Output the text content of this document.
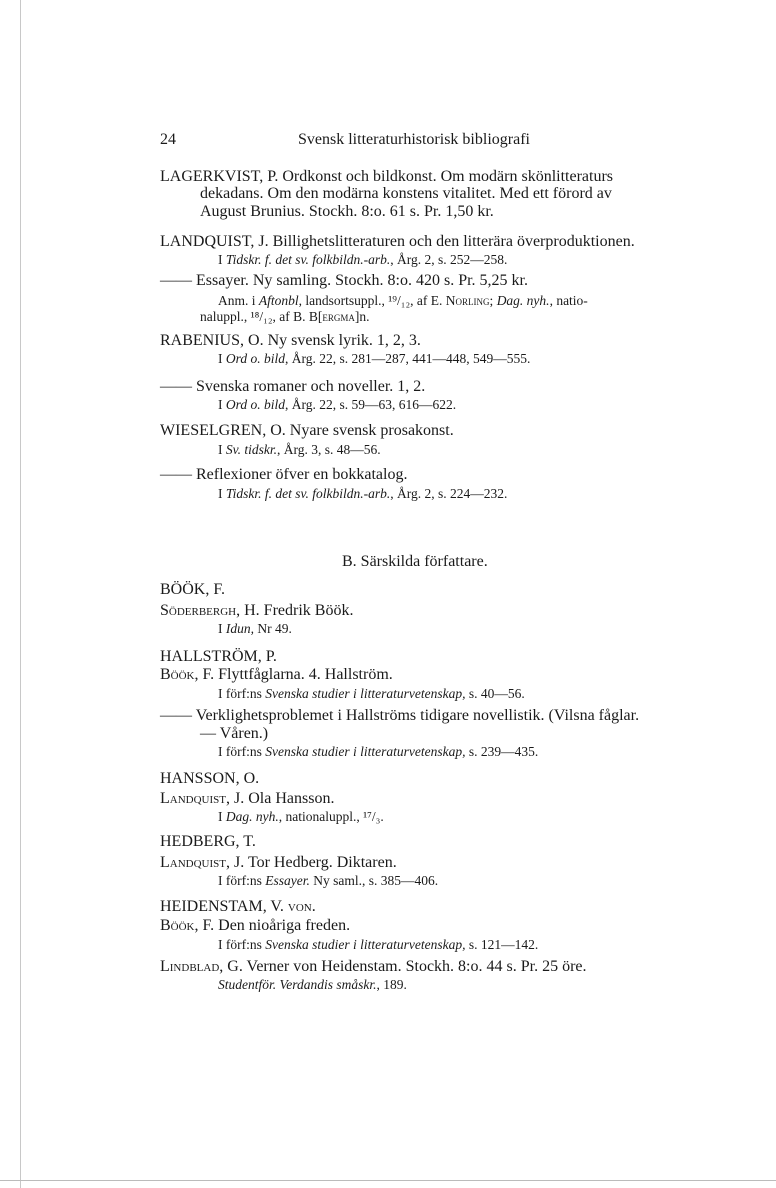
24	Svensk litteraturhistorisk bibliografi
LAGERKVIST, P. Ordkonst och bildkonst. Om modärn skönlitteraturs
dekadans. Om den modärna konstens vitalitet. Med ett förord av
August Brunius. Stockh. 8:o. 61 s. Pr. 1,50 kr.
LANDQUIST, J. Billighetslitteraturen och den litterära överproduktionen.
I Tidskr. f. det sv. folkbildn.-arb., Årg. 2, s. 252—258.
—— Essayer. Ny samling. Stockh. 8:o. 420 s. Pr. 5,25 kr.
Anm. i Aftonbl, landsortsuppl., ¹⁹/₁₂, af E. Norling; Dag. nyh., natio-
naluppl., ¹⁸/₁₂, af B. B[ergma]n.
RABENIUS, O. Ny svensk lyrik. 1, 2, 3.
I Ord o. bild, Årg. 22, s. 281—287, 441—448, 549—555.
—— Svenska romaner och noveller. 1, 2.
I Ord o. bild, Årg. 22, s. 59—63, 616—622.
WIESELGREN, O. Nyare svensk prosakonst.
I Sv. tidskr., Årg. 3, s. 48—56.
—— Reflexioner öfver en bokkatalog.
I Tidskr. f. det sv. folkbildn.-arb., Årg. 2, s. 224—232.
B. Särskilda författare.
BÖÖK, F.
Söderbergh, H. Fredrik Böök.
I Idun, Nr 49.
HALLSTRÖM, P.
Böök, F. Flyttfåglarna. 4. Hallström.
I förf:ns Svenska studier i litteraturvetenskap, s. 40—56.
—— Verklighetsproblemet i Hallströms tidigare novellistik. (Vilsna fåglar.
— Våren.)
I förf:ns Svenska studier i litteraturvetenskap, s. 239—435.
HANSSON, O.
Landquist, J. Ola Hansson.
I Dag. nyh., nationaluppl., ¹⁷/₃.
HEDBERG, T.
Landquist, J. Tor Hedberg. Diktaren.
I förf:ns Essayer. Ny saml., s. 385—406.
HEIDENSTAM, V. von.
Böök, F. Den nioåriga freden.
I förf:ns Svenska studier i litteraturvetenskap, s. 121—142.
Lindblad, G. Verner von Heidenstam. Stockh. 8:o. 44 s. Pr. 25 öre.
Studentför. Verdandis småskr., 189.
